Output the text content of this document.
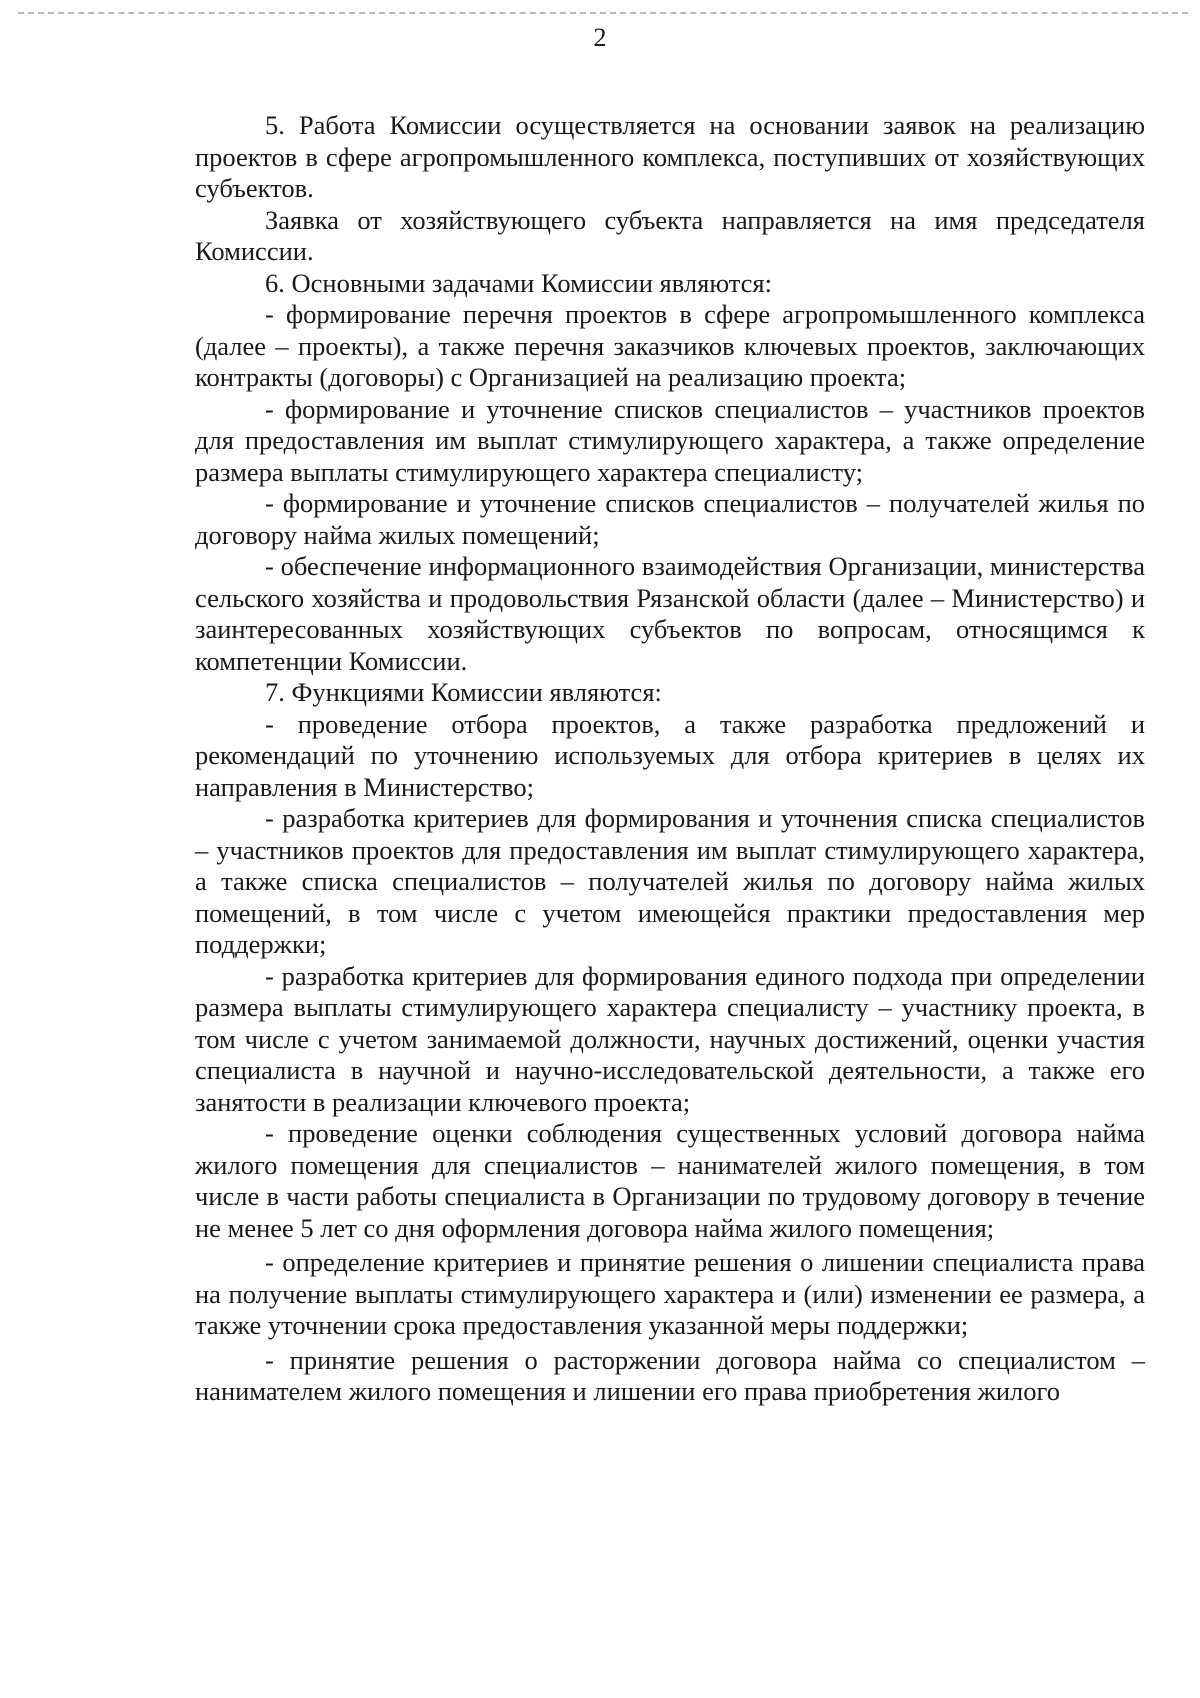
2

5. Работа Комиссии осуществляется на основании заявок на реализацию проектов в сфере агропромышленного комплекса, поступивших от хозяйствующих субъектов.

Заявка от хозяйствующего субъекта направляется на имя председателя Комиссии.

6. Основными задачами Комиссии являются:

- формирование перечня проектов в сфере агропромышленного комплекса (далее – проекты), а также перечня заказчиков ключевых проектов, заключающих контракты (договоры) с Организацией на реализацию проекта;

- формирование и уточнение списков специалистов – участников проектов для предоставления им выплат стимулирующего характера, а также определение размера выплаты стимулирующего характера специалисту;

- формирование и уточнение списков специалистов – получателей жилья по договору найма жилых помещений;

- обеспечение информационного взаимодействия Организации, министерства сельского хозяйства и продовольствия Рязанской области (далее – Министерство) и заинтересованных хозяйствующих субъектов по вопросам, относящимся к компетенции Комиссии.

7. Функциями Комиссии являются:

- проведение отбора проектов, а также разработка предложений и рекомендаций по уточнению используемых для отбора критериев в целях их направления в Министерство;

- разработка критериев для формирования и уточнения списка специалистов – участников проектов для предоставления им выплат стимулирующего характера, а также списка специалистов – получателей жилья по договору найма жилых помещений, в том числе с учетом имеющейся практики предоставления мер поддержки;

- разработка критериев для формирования единого подхода при определении размера выплаты стимулирующего характера специалисту – участнику проекта, в том числе с учетом занимаемой должности, научных достижений, оценки участия специалиста в научной и научно-исследовательской деятельности, а также его занятости в реализации ключевого проекта;

- проведение оценки соблюдения существенных условий договора найма жилого помещения для специалистов – нанимателей жилого помещения, в том числе в части работы специалиста в Организации по трудовому договору в течение не менее 5 лет со дня оформления договора найма жилого помещения;

- определение критериев и принятие решения о лишении специалиста права на получение выплаты стимулирующего характера и (или) изменении ее размера, а также уточнении срока предоставления указанной меры поддержки;

- принятие решения о расторжении договора найма со специалистом – нанимателем жилого помещения и лишении его права приобретения жилого
